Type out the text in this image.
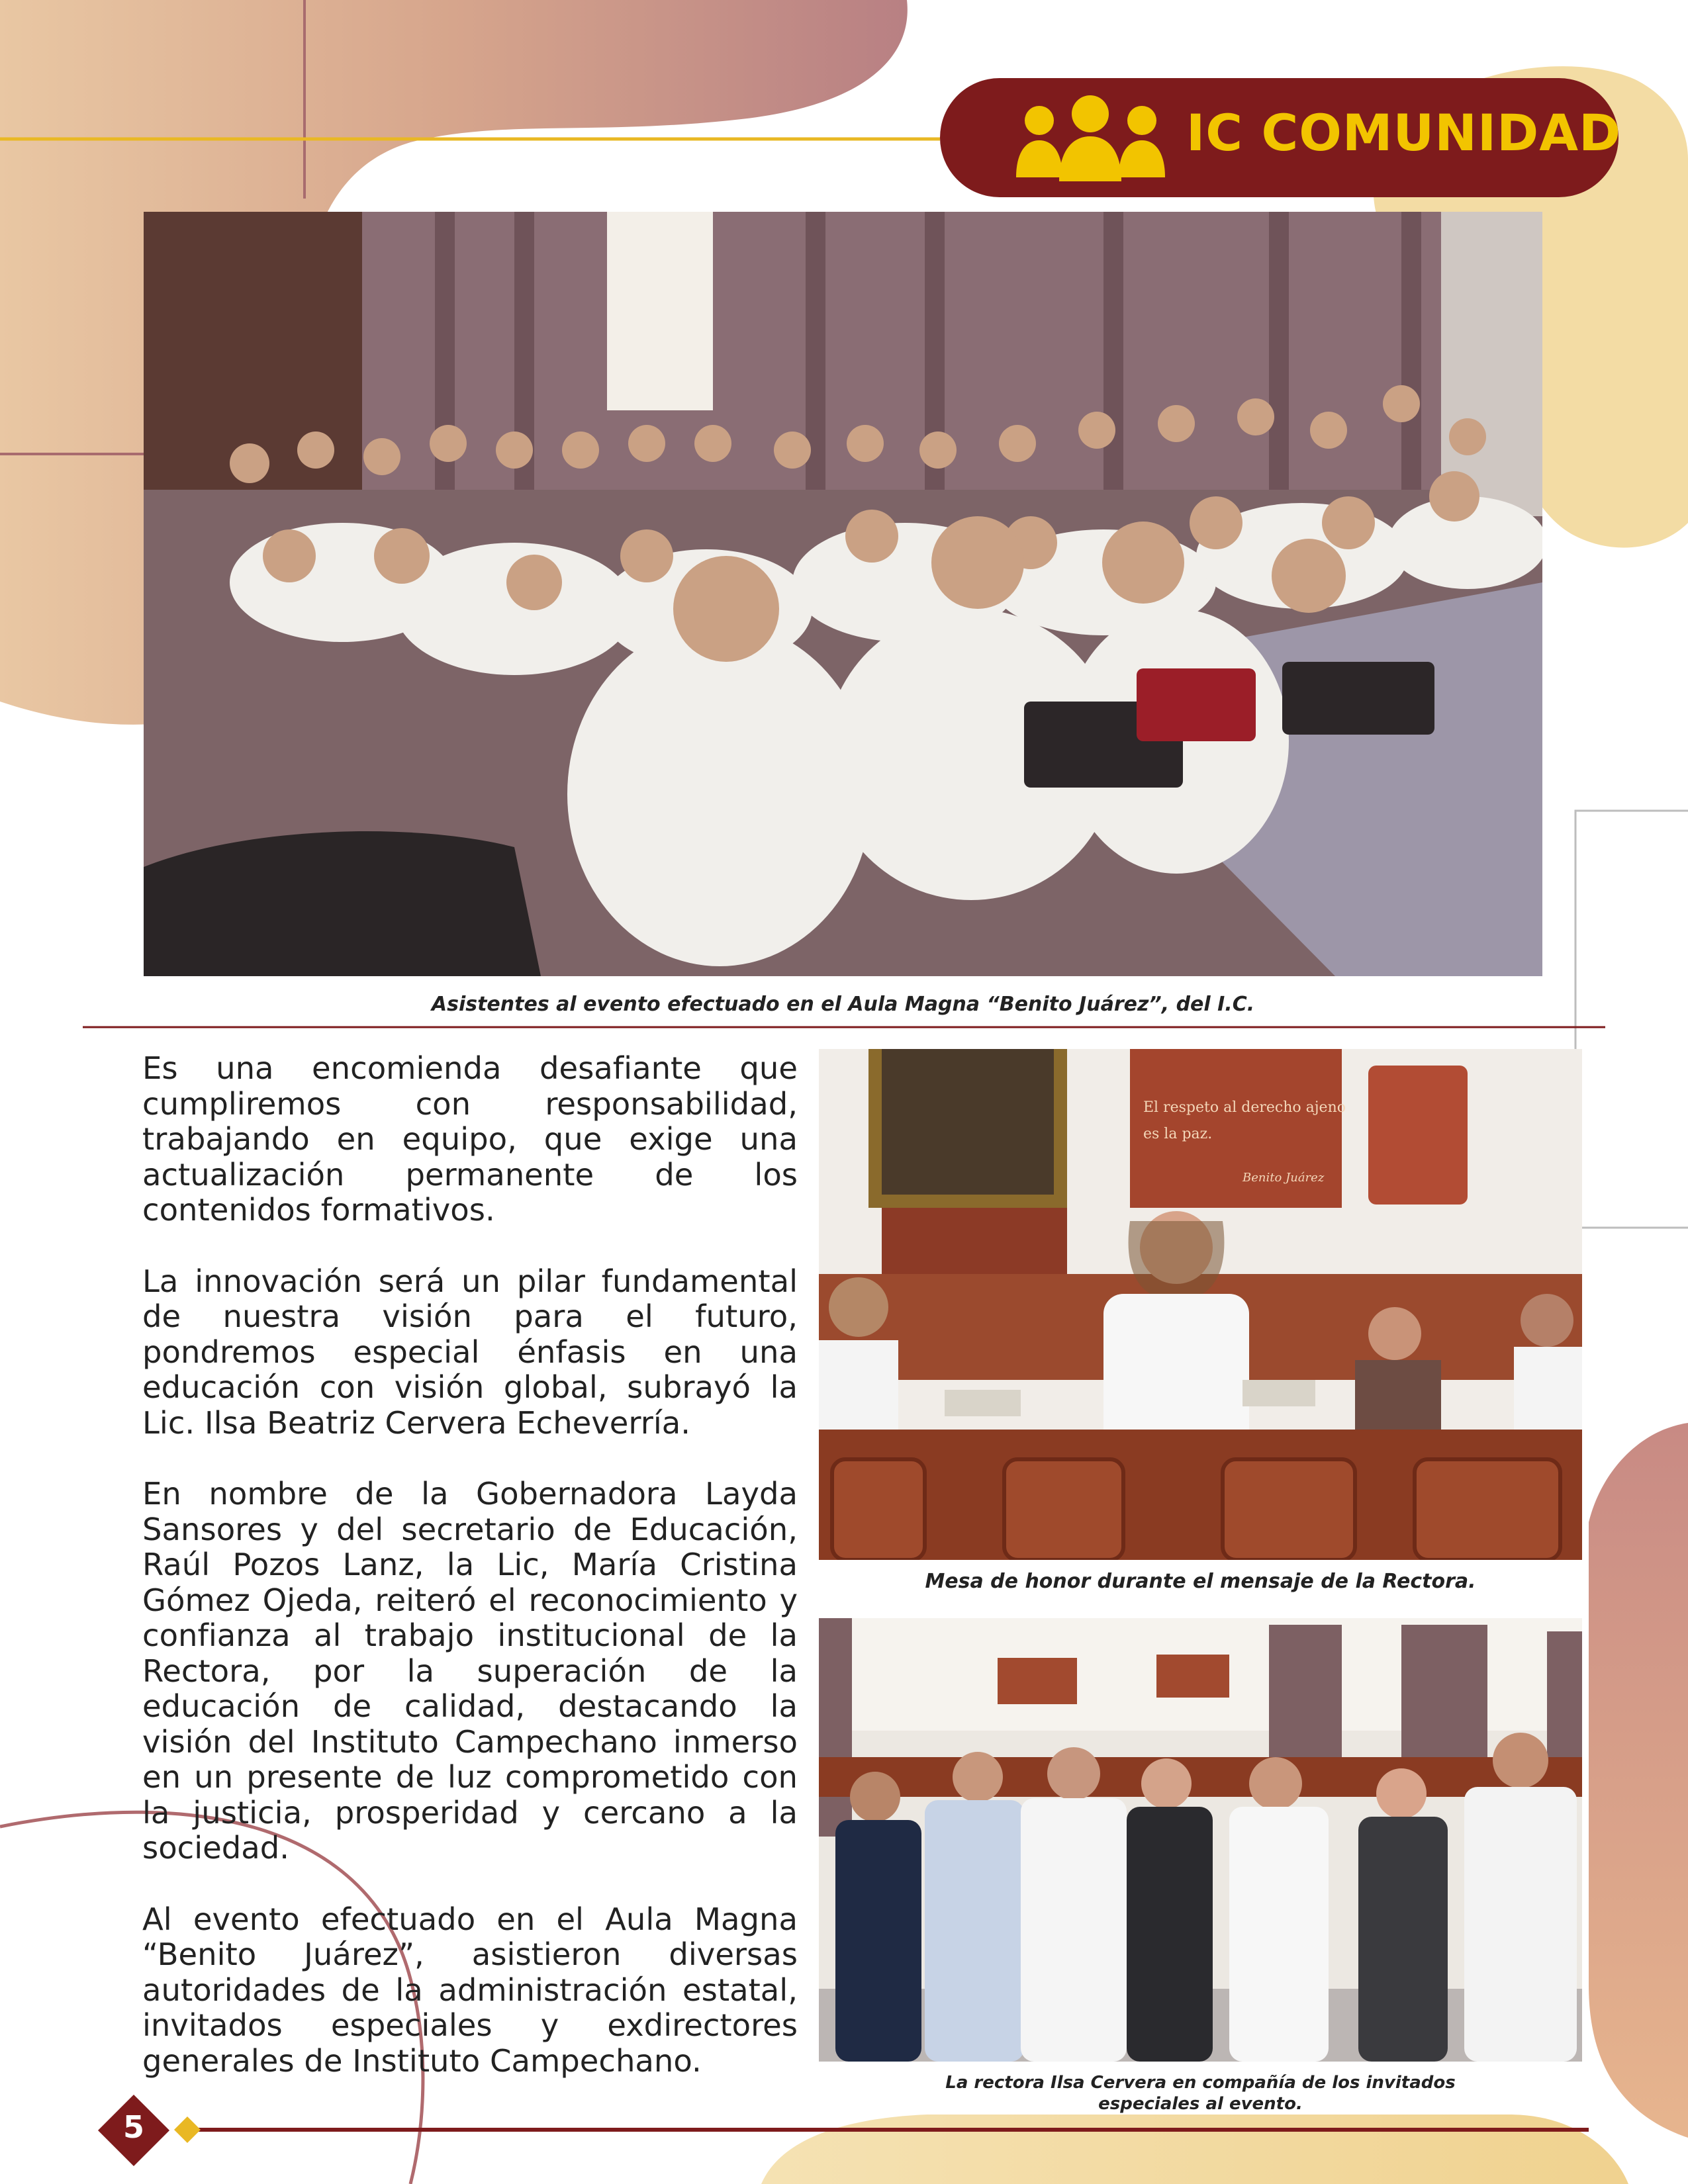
IC COMUNIDAD
Asistentes al evento efectuado en el Aula Magna “Benito Juárez”, del I.C.
El respeto al derecho ajeno
es la paz.
Benito Juárez
Mesa de honor durante el mensaje de la Rectora.
La rectora Ilsa Cervera en compañía de los invitados
especiales al evento.

Es una encomienda desafiante que cumpliremos con responsabilidad, trabajando en equipo, que exige una actualización permanente de los contenidos formativos.

La innovación será un pilar fundamental de nuestra visión para el futuro, pondremos especial énfasis en una educación con visión global, subrayó la Lic. Ilsa Beatriz Cervera Echeverría.

En nombre de la Gobernadora Layda Sansores y del secretario de Educación, Raúl Pozos Lanz, la Lic, María Cristina Gómez Ojeda, reiteró el reconocimiento y confianza al trabajo institucional de la Rectora, por la superación de la educación de calidad, destacando la visión del Instituto Campechano inmerso en un presente de luz comprometido con la justicia, prosperidad y cercano a la sociedad.

Al evento efectuado en el Aula Magna “Benito Juárez”, asistieron diversas autoridades de la administración estatal, invitados especiales y exdirectores generales de Instituto Campechano.

5
